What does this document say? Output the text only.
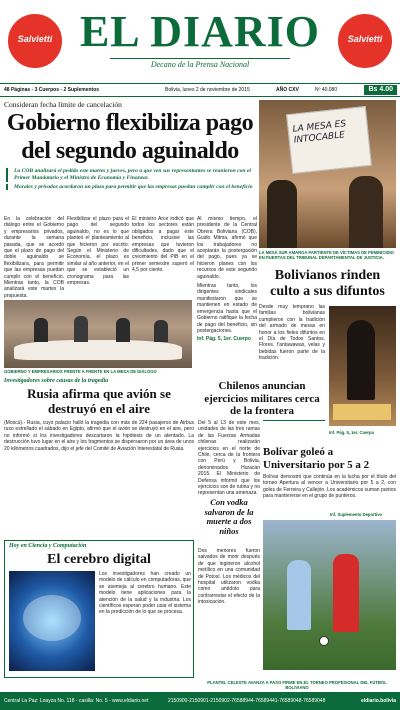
Salvietti	Salvietti
EL DIARIO
Decano de la Prensa Nacional
48 Páginas - 3 Cuerpos - 2 Suplementos	Bolivia, lunes 2 de noviembre de 2015	AÑO CXV	Nº 40.080	Bs 4.00
Consideran fecha límite de cancelación
Gobierno flexibiliza pago
del segundo aguinaldo
La COB analizará el pedido este martes y jueves, pero a que ven sus representantes se reunieron con el Primer Mandatario y el Ministro de Economía y Finanzas
Morales y privados acordaron un plazo para permitir que las empresas puedan cumplir con el beneficio

En la celebración del diálogo entre el Gobierno y empresarios privados, durante la semana pasada, que se acordó que el plazo de pago del doble aguinaldo se flexibilizara, para permitir que las empresas puedan cumplir con el beneficio. Mientras tanto, la COB analizará este martes la propuesta.

Flexibilizar el plazo para el pago del segundo aguinaldo, no es lo que planteó el planteamiento al que hicieron por escrito. Según el Ministerio de Economía, el plazo es similar al año anterior, en el que se estableció un cronograma para las empresas.

El ministro Arce indicó que todos los sectores están obligados a pagar este beneficio, inclusive las empresas que tuvieron dificultades, dado que el crecimiento del PIB en el primer semestre superó el 4,5 por ciento.

Al mismo tiempo, el presidente de la Central Obrera Boliviana (COB), Guido Mitma, afirmó que los trabajadores no aceptarán la postergación del pago, pues ya se hicieron planes con los recursos de este segundo aguinaldo.

Mientras tanto, los dirigentes sindicales manifestaron que se mantienen en estado de emergencia hasta que el Gobierno ratifique la fecha de pago del beneficio, sin postergaciones.

Inf. Pág. 5, 1er. Cuerpo

GOBIERNO Y EMPRESARIOS FRENTE A FRENTE EN LA MESA DE DIÁLOGO
LA MESA ES INTOCABLE
LA MESA SUR AMARGA PARTIENTE DE VÍCTIMAS DE FEMINICIDIO EN PUERTAS DEL TRIBUNAL DEPARTAMENTAL DE JUSTICIA.
Bolivianos rinden
culto a sus difuntos
Desde muy temprano las familias bolivianas cumplieron con la tradición del armado de mesas en honor a los fieles difuntos en el Día de Todos Santos. Flores, t'antawawas, velas y bebidas fueron parte de la tradición.
Inf. Pág. 5, 1er. Cuerpo
Investigadores sobre causas de la tragedia
Rusia afirma que avión se destruyó en el aire
(Moscú).- Rusia, cuyo palacio halló la tragedia con más de 224 pasajeros de Airbus ruso estrellado el sábado en Egipto, afirmó que el avión se destruyó en el aire, pero no informó si los investigadores descartaron la hipótesis de un atentado. La destrucción tuvo lugar en el aire y los fragmentos se dispersaron por un área de unos 20 kilómetros cuadrados, dijo el jefe del Comité de Aviación Interestatal de Rusia.
Hoy en Ciencia y Computación
El cerebro digital
Los investigadores han creado un modelo de cálculo en computadoras, que se asemeja al cerebro humano. Este modelo tiene aplicaciones para la atención de la salud y la industria. Los científicos esperan poder usar el sistema en la predicción de lo que se procesa.
Chilenos anuncian ejercicios militares cerca de la frontera
Del 5 al 13 de este mes, unidades de las tres ramas de las Fuerzas Armadas chilenas realizarán ejercicios en el norte de Chile, cerca de la frontera con Perú y Bolivia, denominados Huracán 2015. El Ministerio de Defensa informó que los ejercicios son de rutina y no representan una amenaza.
Con vodka salvaron de la muerte a dos niños
Dos menores fueron salvados de morir después de que ingirieron alcohol metílico en una comunidad de Potosí. Los médicos del hospital utilizaron vodka como antídoto para contrarrestar el efecto de la intoxicación.
Bolívar goleó a Universitario por 5 a 2
Bolívar demostró que continúa en la lucha por el título del torneo Apertura al vencer a Universitario por 5 a 2, con goles de Ferreira y Callejón. Los académicos suman puntos para mantenerse en el grupo de punteros.
Inf. Suplemento Deportivo
PLANTEL CELESTE AVANZA A PASO FIRME EN EL TORNEO PROFESIONAL DEL FÚTBOL BOLIVIANO
Central La Paz: Loayza No. 118 - casilla: No. 5 - www.eldiario.net	2150900-2150901-2150902-76588944-76589441-76589048-76589048	eldiario.bolivia
